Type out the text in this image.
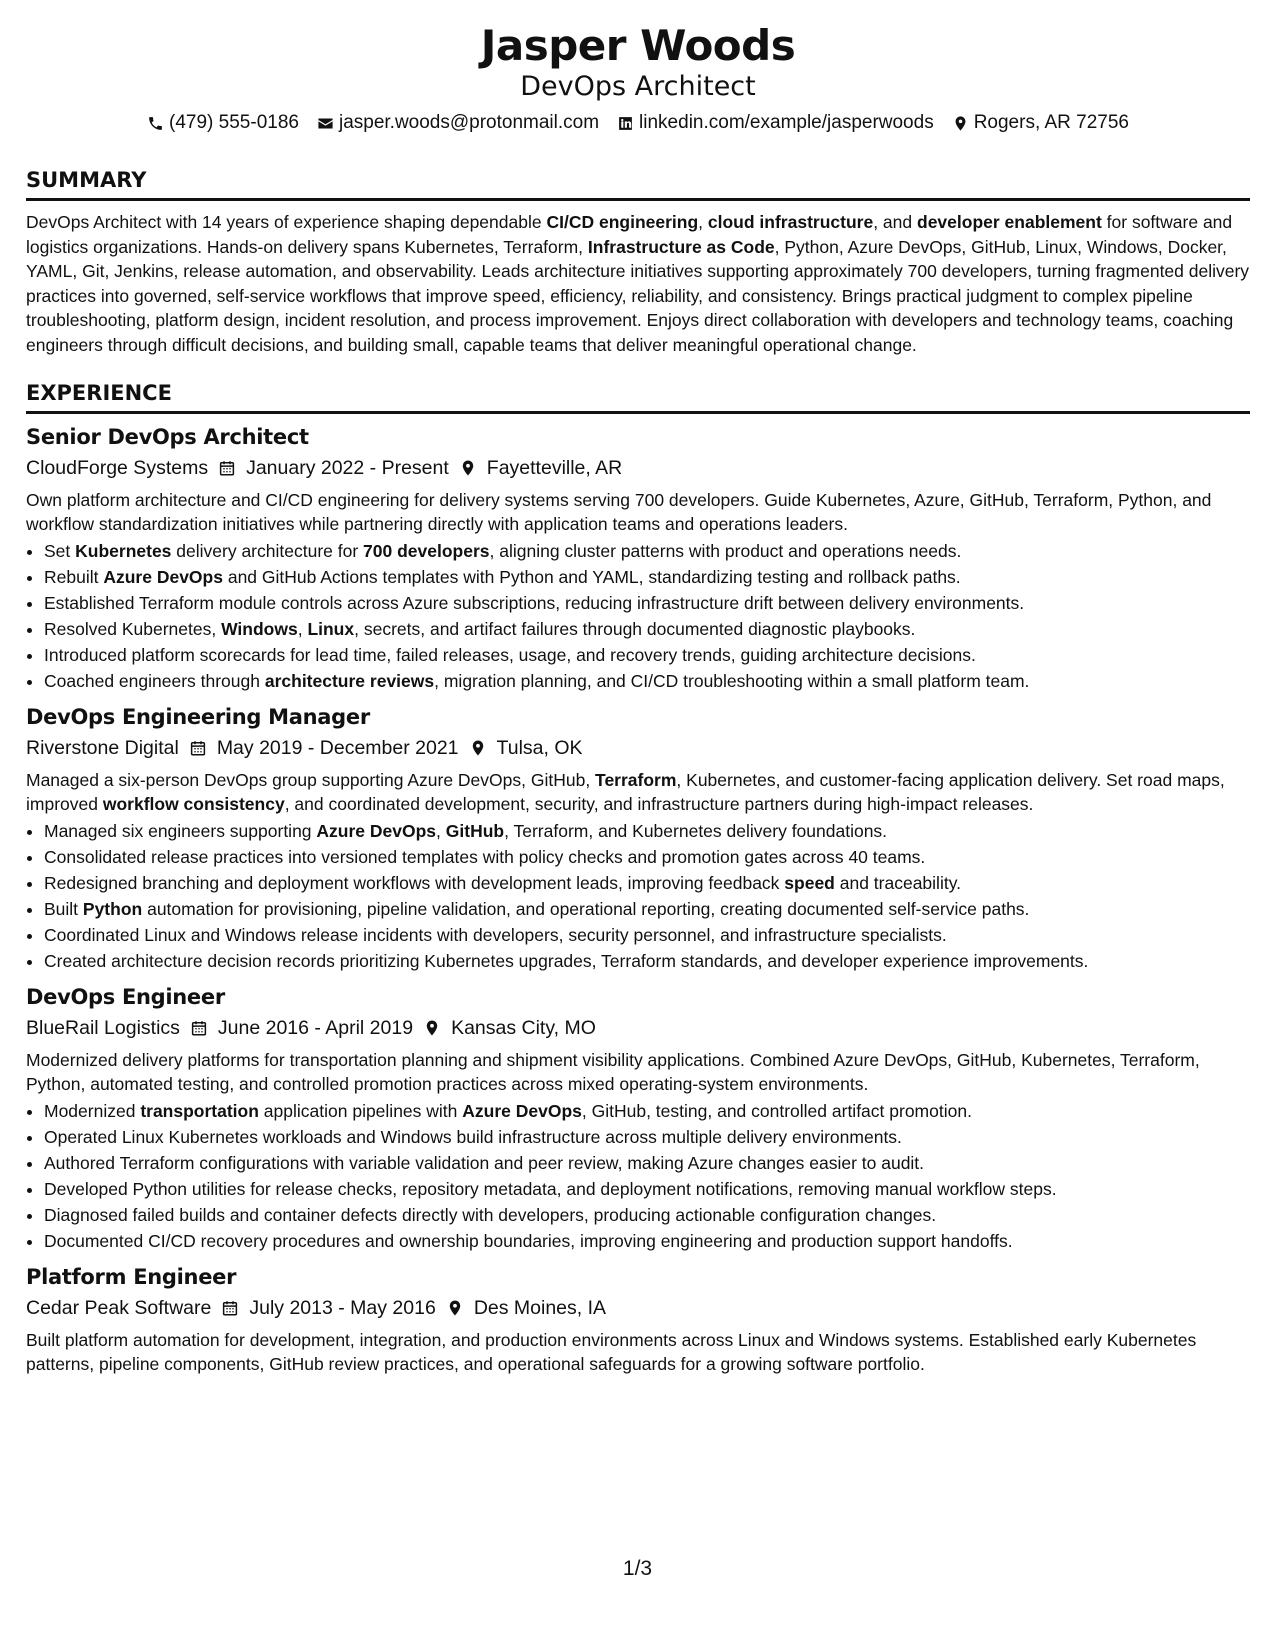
Jasper Woods
DevOps Architect
(479) 555-0186 jasper.woods@protonmail.com linkedin.com/example/jasperwoods Rogers, AR 72756
SUMMARY
DevOps Architect with 14 years of experience shaping dependable CI/CD engineering, cloud infrastructure, and developer enablement for software and logistics organizations. Hands-on delivery spans Kubernetes, Terraform, Infrastructure as Code, Python, Azure DevOps, GitHub, Linux, Windows, Docker, YAML, Git, Jenkins, release automation, and observability. Leads architecture initiatives supporting approximately 700 developers, turning fragmented delivery practices into governed, self-service workflows that improve speed, efficiency, reliability, and consistency. Brings practical judgment to complex pipeline troubleshooting, platform design, incident resolution, and process improvement. Enjoys direct collaboration with developers and technology teams, coaching engineers through difficult decisions, and building small, capable teams that deliver meaningful operational change.
EXPERIENCE
Senior DevOps Architect
CloudForge Systems January 2022 - Present Fayetteville, AR
Own platform architecture and CI/CD engineering for delivery systems serving 700 developers. Guide Kubernetes, Azure, GitHub, Terraform, Python, and workflow standardization initiatives while partnering directly with application teams and operations leaders.
• Set Kubernetes delivery architecture for 700 developers, aligning cluster patterns with product and operations needs.
• Rebuilt Azure DevOps and GitHub Actions templates with Python and YAML, standardizing testing and rollback paths.
• Established Terraform module controls across Azure subscriptions, reducing infrastructure drift between delivery environments.
• Resolved Kubernetes, Windows, Linux, secrets, and artifact failures through documented diagnostic playbooks.
• Introduced platform scorecards for lead time, failed releases, usage, and recovery trends, guiding architecture decisions.
• Coached engineers through architecture reviews, migration planning, and CI/CD troubleshooting within a small platform team.
DevOps Engineering Manager
Riverstone Digital May 2019 - December 2021 Tulsa, OK
Managed a six-person DevOps group supporting Azure DevOps, GitHub, Terraform, Kubernetes, and customer-facing application delivery. Set road maps, improved workflow consistency, and coordinated development, security, and infrastructure partners during high-impact releases.
• Managed six engineers supporting Azure DevOps, GitHub, Terraform, and Kubernetes delivery foundations.
• Consolidated release practices into versioned templates with policy checks and promotion gates across 40 teams.
• Redesigned branching and deployment workflows with development leads, improving feedback speed and traceability.
• Built Python automation for provisioning, pipeline validation, and operational reporting, creating documented self-service paths.
• Coordinated Linux and Windows release incidents with developers, security personnel, and infrastructure specialists.
• Created architecture decision records prioritizing Kubernetes upgrades, Terraform standards, and developer experience improvements.
DevOps Engineer
BlueRail Logistics June 2016 - April 2019 Kansas City, MO
Modernized delivery platforms for transportation planning and shipment visibility applications. Combined Azure DevOps, GitHub, Kubernetes, Terraform, Python, automated testing, and controlled promotion practices across mixed operating-system environments.
• Modernized transportation application pipelines with Azure DevOps, GitHub, testing, and controlled artifact promotion.
• Operated Linux Kubernetes workloads and Windows build infrastructure across multiple delivery environments.
• Authored Terraform configurations with variable validation and peer review, making Azure changes easier to audit.
• Developed Python utilities for release checks, repository metadata, and deployment notifications, removing manual workflow steps.
• Diagnosed failed builds and container defects directly with developers, producing actionable configuration changes.
• Documented CI/CD recovery procedures and ownership boundaries, improving engineering and production support handoffs.
Platform Engineer
Cedar Peak Software July 2013 - May 2016 Des Moines, IA
Built platform automation for development, integration, and production environments across Linux and Windows systems. Established early Kubernetes patterns, pipeline components, GitHub review practices, and operational safeguards for a growing software portfolio.
1/3
